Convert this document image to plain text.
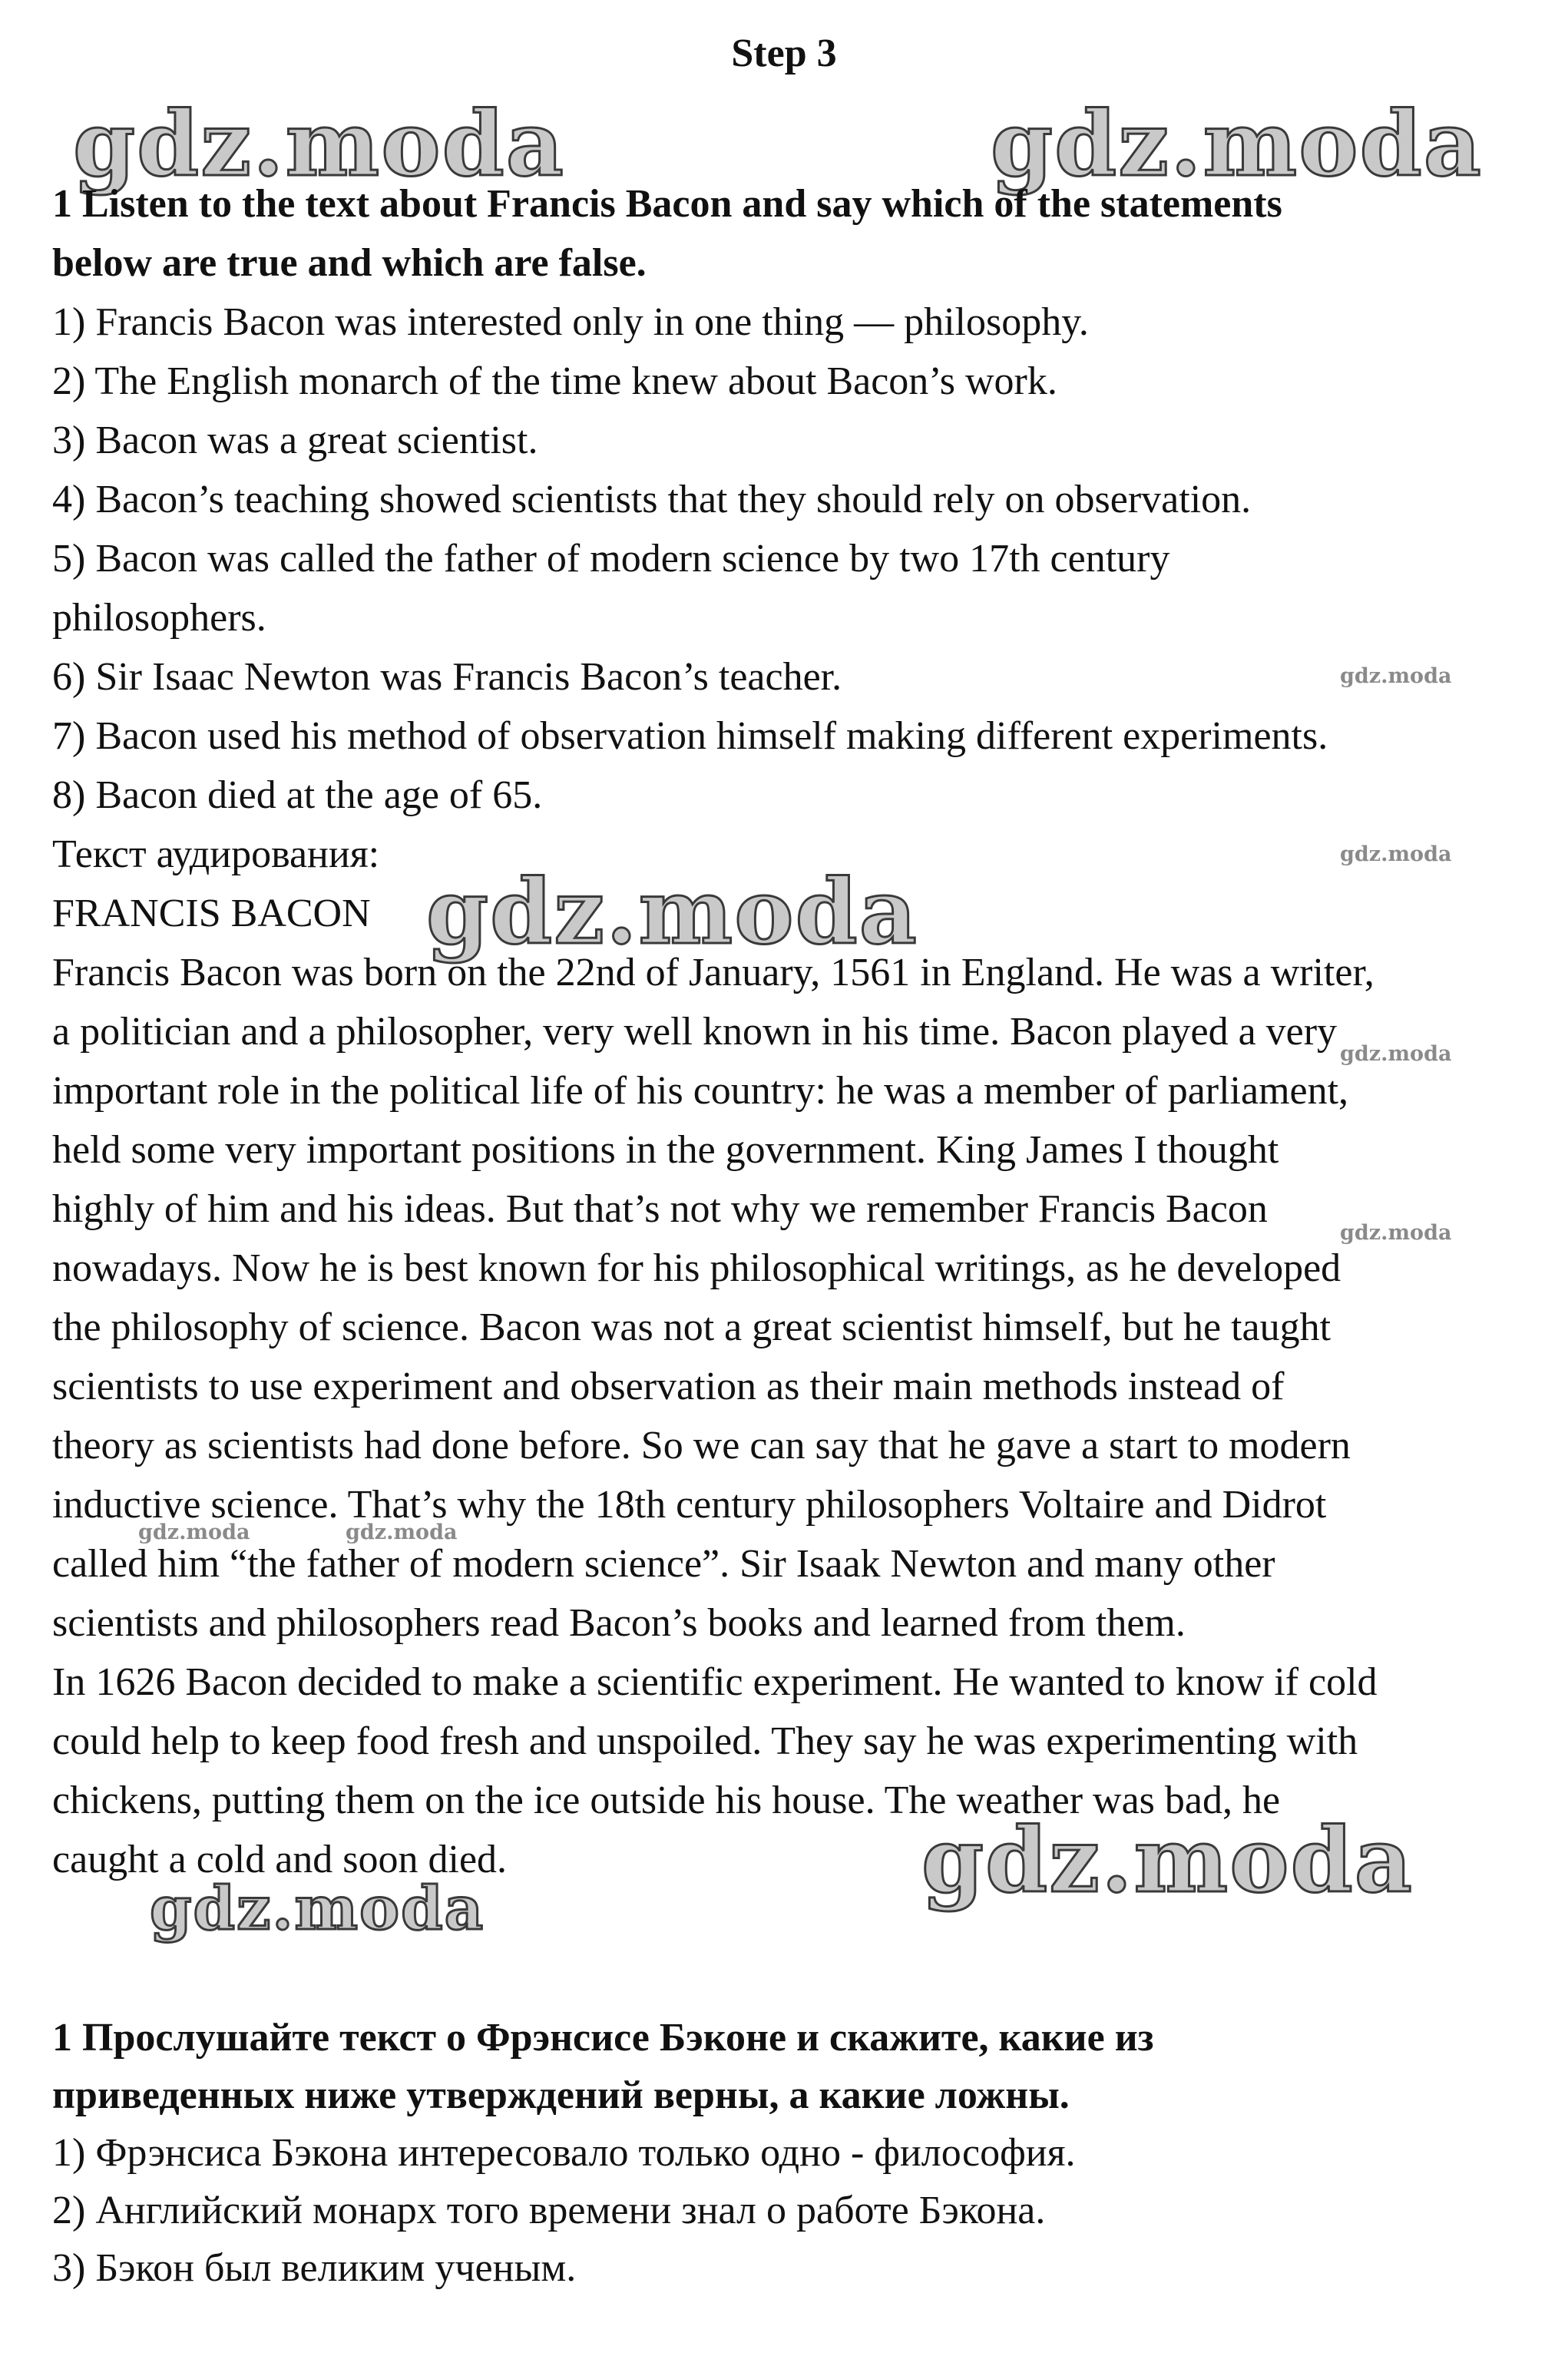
Step 3
gdz.moda	gdz.moda
gdz.moda
gdz.moda
gdz.moda
gdz.moda
gdz.moda
gdz.moda
gdz.moda
gdz.moda	gdz.moda

1 Listen to the text about Francis Bacon and say which of the statements

below are true and which are false.

1) Francis Bacon was interested only in one thing — philosophy.

2) The English monarch of the time knew about Bacon’s work.

3) Bacon was a great scientist.

4) Bacon’s teaching showed scientists that they should rely on observation.

5) Bacon was called the father of modern science by two 17th century

philosophers.

6) Sir Isaac Newton was Francis Bacon’s teacher.

7) Bacon used his method of observation himself making different experiments.

8) Bacon died at the age of 65.

Текст аудирования:

FRANCIS BACON

Francis Bacon was born on the 22nd of January, 1561 in England. He was a writer,

a politician and a philosopher, very well known in his time. Bacon played a very

important role in the political life of his country: he was a member of parliament,

held some very important positions in the government. King James I thought

highly of him and his ideas. But that’s not why we remember Francis Bacon

nowadays. Now he is best known for his philosophical writings, as he developed

the philosophy of science. Bacon was not a great scientist himself, but he taught

scientists to use experiment and observation as their main methods instead of

theory as scientists had done before. So we can say that he gave a start to modern

inductive science. That’s why the 18th century philosophers Voltaire and Didrot

called him “the father of modern science”. Sir Isaak Newton and many other

scientists and philosophers read Bacon’s books and learned from them.

In 1626 Bacon decided to make a scientific experiment. He wanted to know if cold

could help to keep food fresh and unspoiled. They say he was experimenting with

chickens, putting them on the ice outside his house. The weather was bad, he

caught a cold and soon died.

1 Прослушайте текст о Фрэнсисе Бэконе и скажите, какие из

приведенных ниже утверждений верны, а какие ложны.

1) Фрэнсиса Бэкона интересовало только одно - философия.

2) Английский монарх того времени знал о работе Бэкона.

3) Бэкон был великим ученым.
